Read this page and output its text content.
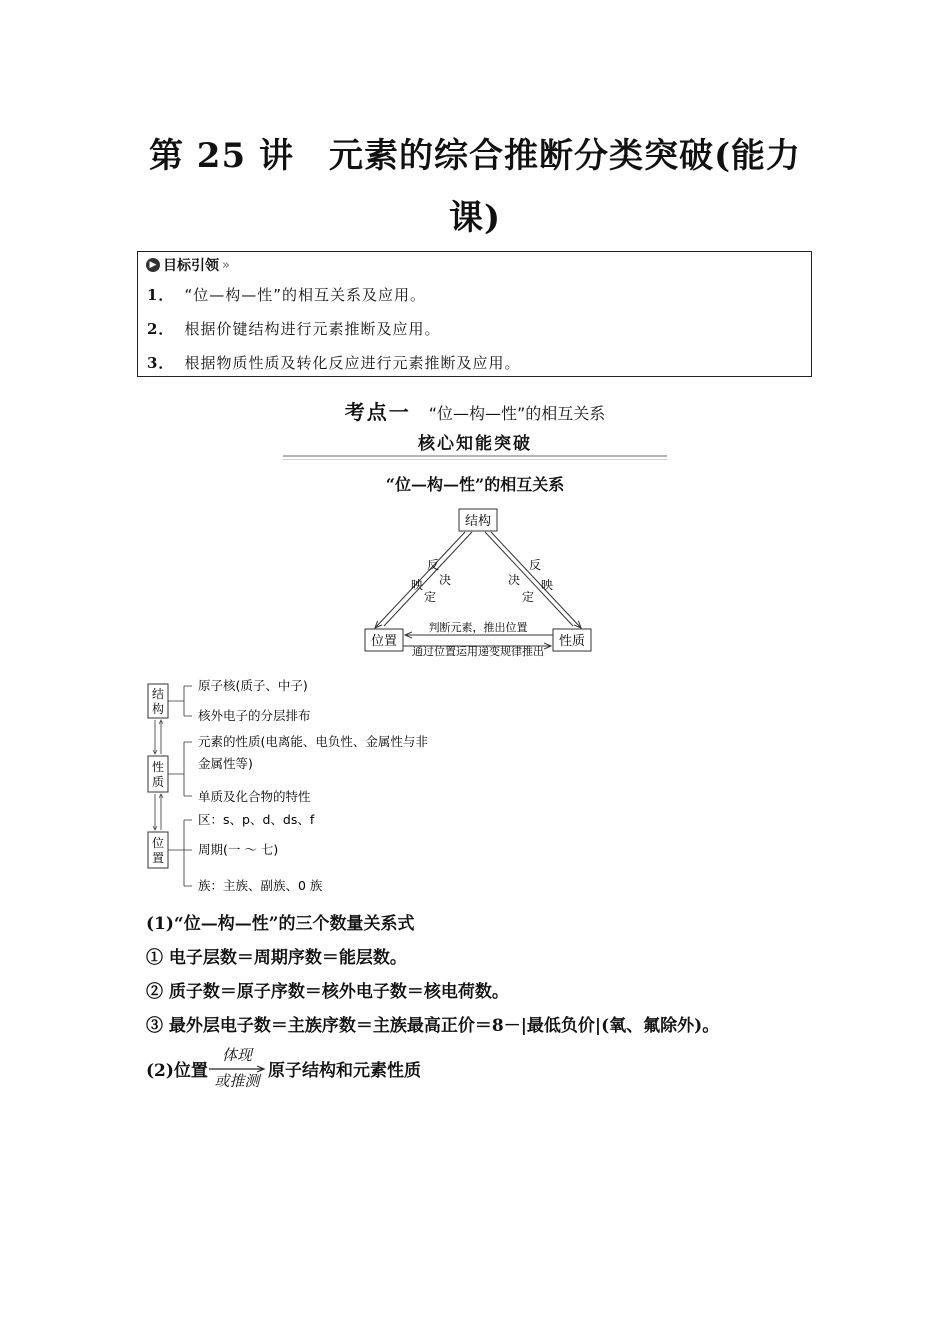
第 25 讲　元素的综合推断分类突破(能力
课)
▶ 目标引领 »
1． “位—构—性”的相互关系及应用。
2． 根据价键结构进行元素推断及应用。
3． 根据物质性质及转化反应进行元素推断及应用。
考点一 “位—构—性”的相互关系
核心知能突破
“位—构—性”的相互关系
结构
位置	性质
反
映 决
定
反
映
决
定
判断元素，推出位置
通过位置运用递变规律推出
结
构
性
质
位
置
原子核(质子、中子)
核外电子的分层排布
元素的性质(电离能、电负性、金属性与非
金属性等)
单质及化合物的特性
区：s、p、d、ds、f
周期(一 ～ 七)
族：主族、副族、0 族
(1)“位—构—性”的三个数量关系式
① 电子层数＝周期序数＝能层数。
② 质子数＝原子序数＝核外电子数＝核电荷数。
③ 最外层电子数＝主族序数＝主族最高正价＝8－|最低负价|(氧、氟除外)。
(2)位置
体现
或推测 原子结构和元素性质
